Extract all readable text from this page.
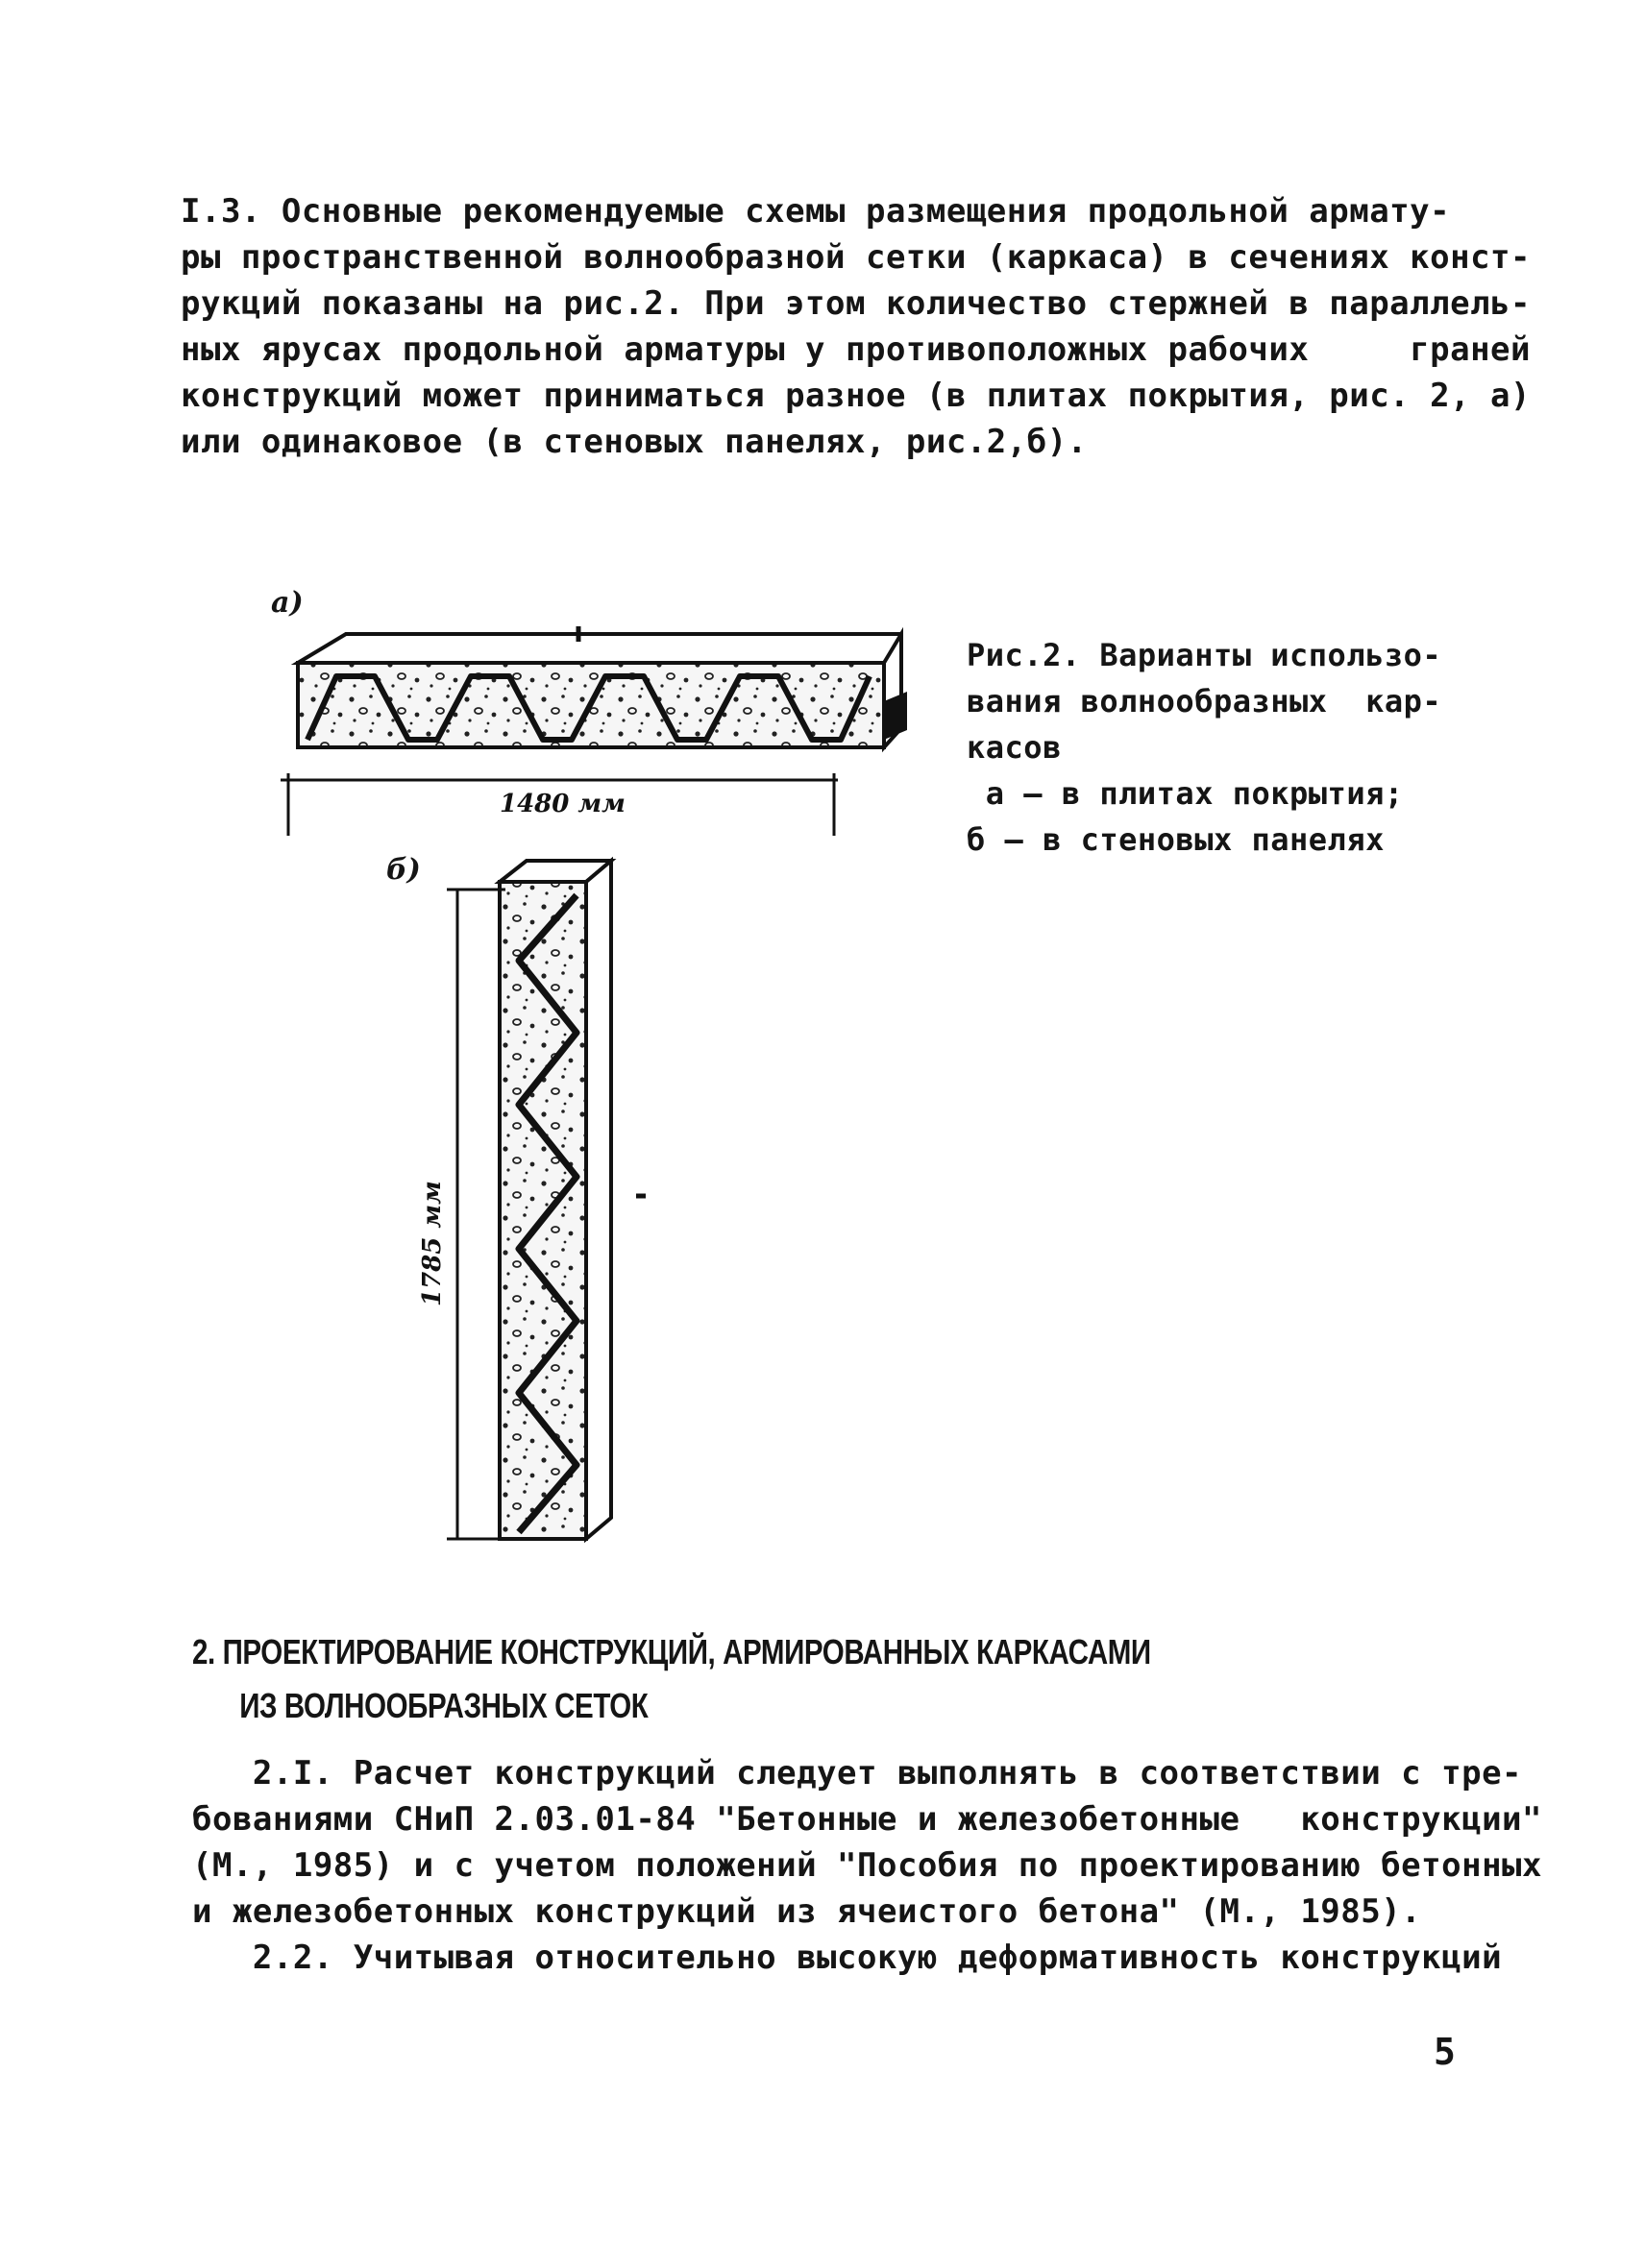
I.3. Основные рекомендуемые схемы размещения продольной армату-
ры пространственной волнообразной сетки (каркаса) в сечениях конст-
рукций показаны на рис.2. При этом количество стержней в параллель-
ных ярусах продольной арматуры у противоположных рабочих     граней
конструкций может приниматься разное (в плитах покрытия, рис. 2, а)
или одинаковое (в стеновых панелях, рис.2,б).
1480 мм
1785 мм
а)
б)
Рис.2. Варианты использо-
вания волнообразных  кар-
касов
а – в плитах покрытия;
б – в стеновых панелях
2. ПРОЕКТИРОВАНИЕ КОНСТРУКЦИЙ, АРМИРОВАННЫХ КАРКАСАМИ
ИЗ ВОЛНООБРАЗНЫХ СЕТОК
2.I. Расчет конструкций следует выполнять в соответствии с тре-
бованиями СНиП 2.03.01-84 "Бетонные и железобетонные   конструкции"
(М., 1985) и с учетом положений "Пособия по проектированию бетонных
и железобетонных конструкций из ячеистого бетона" (М., 1985).
2.2. Учитывая относительно высокую деформативность конструкций
5
